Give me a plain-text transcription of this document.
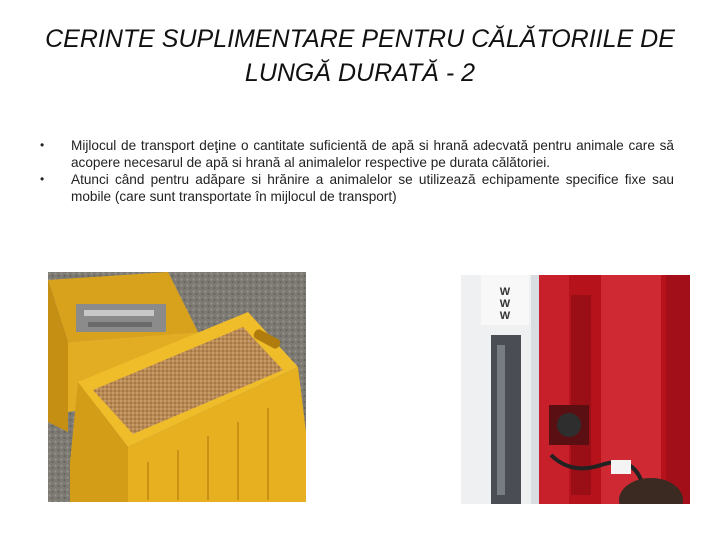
CERINTE SUPLIMENTARE PENTRU CĂLĂTORIILE DE
LUNGĂ DURATĂ - 2
•	Mijlocul de transport deţine o cantitate suficientă de apă si hrană adecvată pentru animale care să acopere necesarul de apă si hrană al animalelor respective pe durata călătoriei.
•	Atunci când pentru adăpare si hrănire a animalelor se utilizează echipamente specifice fixe sau mobile (care sunt transportate în mijlocul de transport)
W
W
W
